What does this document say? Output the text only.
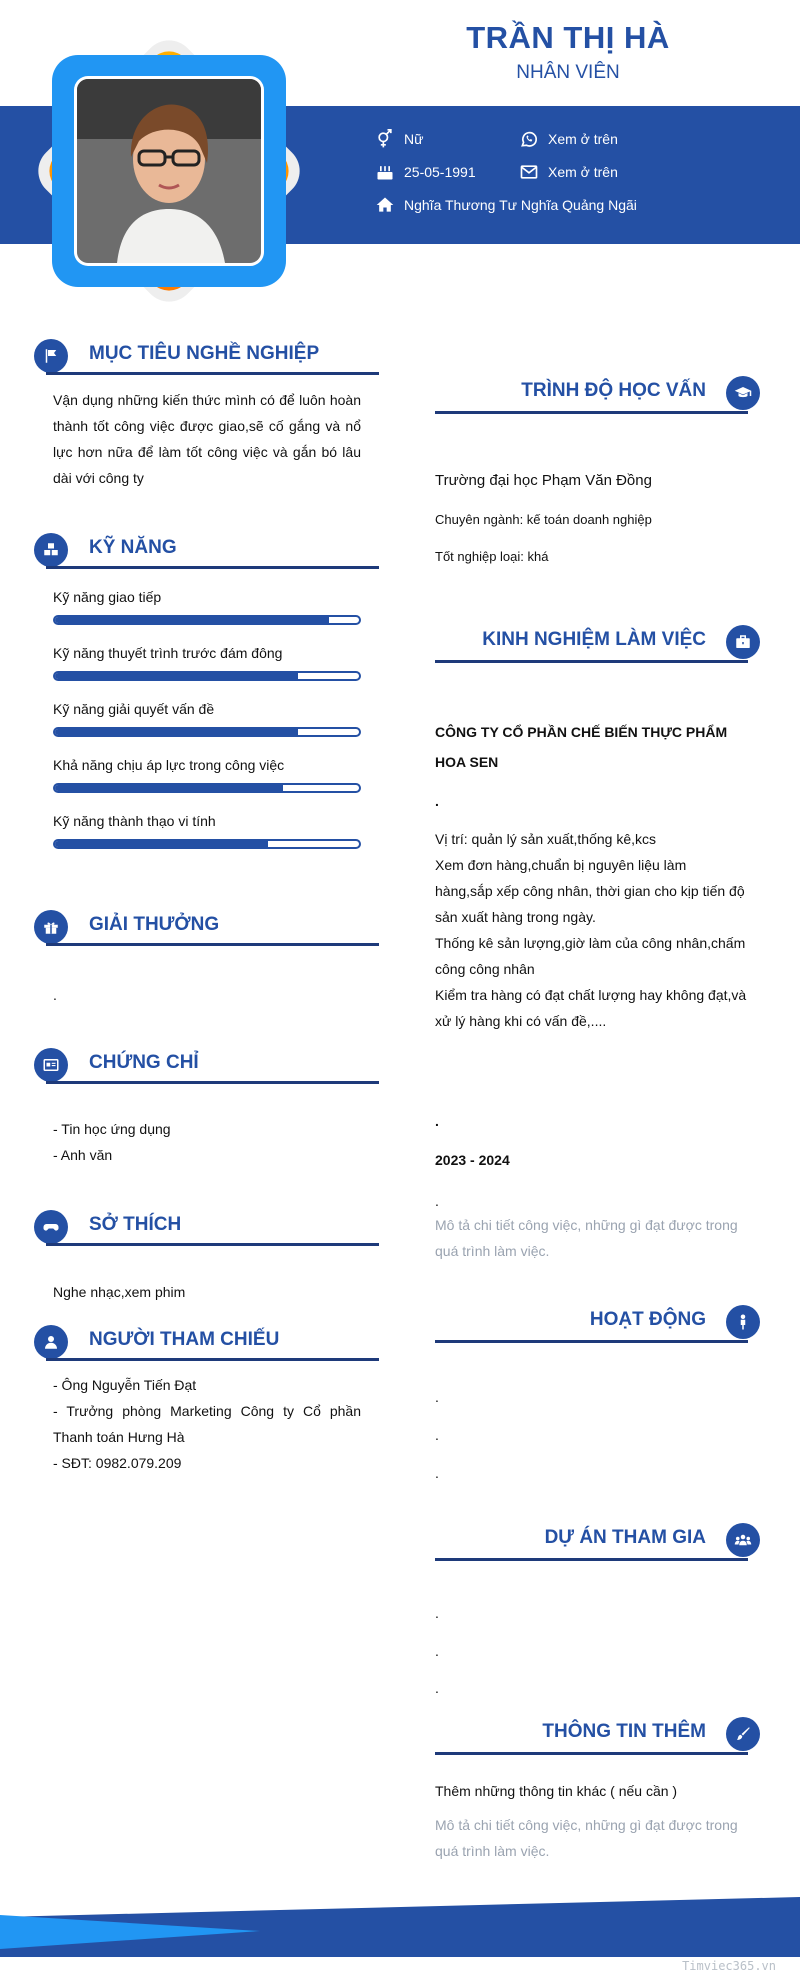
TRẦN THỊ HÀ
NHÂN VIÊN
Nữ	Xem ở trên
25-05-1991	Xem ở trên
Nghĩa Thương Tư Nghĩa Quảng Ngãi
MỤC TIÊU NGHỀ NGHIỆP
Vận dụng những kiến thức mình có để luôn hoàn thành tốt công việc được giao,sẽ cố gắng và nổ lực hơn nữa để làm tốt công việc và gắn bó lâu dài với công ty
KỸ NĂNG
Kỹ năng giao tiếp
Kỹ năng thuyết trình trước đám đông
Kỹ năng giải quyết vấn đề
Khả năng chịu áp lực trong công việc
Kỹ năng thành thạo vi tính
GIẢI THƯỞNG
.
CHỨNG CHỈ
- Tin học ứng dụng
- Anh văn
SỞ THÍCH
Nghe nhạc,xem phim
NGƯỜI THAM CHIẾU
- Ông Nguyễn Tiến Đạt
- Trưởng phòng Marketing Công ty Cổ phần Thanh toán Hưng Hà
- SĐT: 0982.079.209
TRÌNH ĐỘ HỌC VẤN
Trường đại học Phạm Văn Đồng
Chuyên ngành: kế toán doanh nghiệp
Tốt nghiệp loại: khá
KINH NGHIỆM LÀM VIỆC
CÔNG TY CỔ PHẦN CHẾ BIẾN THỰC PHẨM HOA SEN
.
Vị trí: quản lý sản xuất,thống kê,kcs
Xem đơn hàng,chuẩn bị nguyên liệu làm hàng,sắp xếp công nhân, thời gian cho kịp tiến độ sản xuất hàng trong ngày.
Thống kê sản lượng,giờ làm của công nhân,chấm công công nhân
Kiểm tra hàng có đạt chất lượng hay không đạt,và xử lý hàng khi có vấn đề,....
.
2023 - 2024
.
Mô tả chi tiết công việc, những gì đạt được trong quá trình làm việc.
HOẠT ĐỘNG
.
.
.
DỰ ÁN THAM GIA
.
.
.
THÔNG TIN THÊM
Thêm những thông tin khác ( nếu cần )
Mô tả chi tiết công việc, những gì đạt được trong quá trình làm việc.
Timviec365.vn
